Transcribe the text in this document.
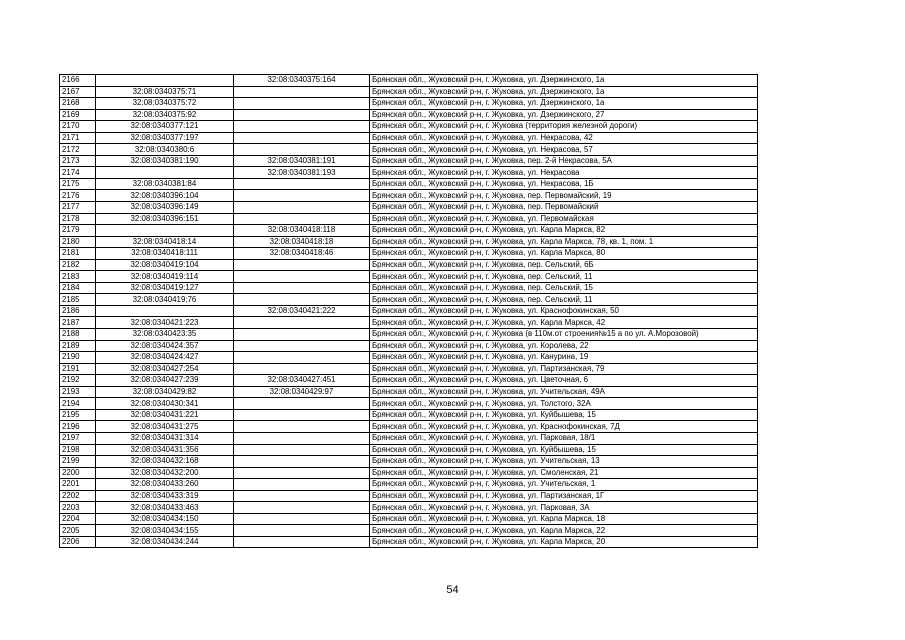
2166		32:08:0340375:164	Брянская обл., Жуковский р-н, г. Жуковка, ул. Дзержинского, 1а
2167	32:08:0340375:71		Брянская обл., Жуковский р-н, г. Жуковка, ул. Дзержинского, 1а
2168	32:08:0340375:72		Брянская обл., Жуковский р-н, г. Жуковка, ул. Дзержинского, 1а
2169	32:08:0340375:92		Брянская обл., Жуковский р-н, г. Жуковка, ул. Дзержинского, 27
2170	32:08:0340377:121		Брянская обл., Жуковский р-н, г. Жуковка (территория железной дороги)
2171	32:08:0340377:197		Брянская обл., Жуковский р-н, г. Жуковка, ул. Некрасова, 42
2172	32:08:0340380:6		Брянская обл., Жуковский р-н, г. Жуковка, ул. Некрасова, 57
2173	32:08:0340381:190	32:08:0340381:191	Брянская обл., Жуковский р-н, г. Жуковка, пер. 2-й Некрасова, 5А
2174		32:08:0340381:193	Брянская обл., Жуковский р-н, г. Жуковка, ул. Некрасова
2175	32:08:0340381:84		Брянская обл., Жуковский р-н, г. Жуковка, ул. Некрасова, 1Б
2176	32:08:0340396:104		Брянская обл., Жуковский р-н, г. Жуковка, пер. Первомайский, 19
2177	32:08:0340396:149		Брянская обл., Жуковский р-н, г. Жуковка, пер. Первомайский
2178	32:08:0340396:151		Брянская обл., Жуковский р-н, г. Жуковка, ул. Первомайская
2179		32:08:0340418:118	Брянская обл., Жуковский р-н, г. Жуковка, ул. Карла Маркса, 82
2180	32:08:0340418:14	32:08:0340418:18	Брянская обл., Жуковский р-н, г. Жуковка, ул. Карла Маркса, 78, кв. 1, пом. 1
2181	32:08:0340418:111	32:08:0340418:46	Брянская обл., Жуковский р-н, г. Жуковка, ул. Карла Маркса, 80
2182	32:08:0340419:104		Брянская обл., Жуковский р-н, г. Жуковка, пер. Сельский, 6Б
2183	32:08:0340419:114		Брянская обл., Жуковский р-н, г. Жуковка, пер. Сельский, 11
2184	32:08:0340419:127		Брянская обл., Жуковский р-н, г. Жуковка, пер. Сельский, 15
2185	32:08:0340419:76		Брянская обл., Жуковский р-н, г. Жуковка, пер. Сельский, 11
2186		32:08:0340421:222	Брянская обл., Жуковский р-н, г. Жуковка, ул. Краснофокинская, 50
2187	32:08:0340421:223		Брянская обл., Жуковский р-н, г. Жуковка, ул. Карла Маркса, 42
2188	32:08:0340423:35		Брянская обл., Жуковский р-н, г. Жуковка (в 110м.от строения№15 а по ул. А.Морозовой)
2189	32:08:0340424:357		Брянская обл., Жуковский р-н, г. Жуковка, ул. Королева, 22
2190	32:08:0340424:427		Брянская обл., Жуковский р-н, г. Жуковка, ул. Канурина, 19
2191	32:08:0340427:254		Брянская обл., Жуковский р-н, г. Жуковка, ул. Партизанская, 79
2192	32:08:0340427:239	32:08:0340427:451	Брянская обл., Жуковский р-н, г. Жуковка, ул. Цветочная, 6
2193	32:08:0340429:82	32:08:0340429:97	Брянская обл., Жуковский р-н, г. Жуковка, ул. Учительская, 49А
2194	32:08:0340430:341		Брянская обл., Жуковский р-н, г. Жуковка, ул. Толстого, 32А
2195	32:08:0340431:221		Брянская обл., Жуковский р-н, г. Жуковка, ул. Куйбышева, 15
2196	32:08:0340431:275		Брянская обл., Жуковский р-н, г. Жуковка, ул. Краснофокинская, 7Д
2197	32:08:0340431:314		Брянская обл., Жуковский р-н, г. Жуковка, ул. Парковая, 18/1
2198	32:08:0340431:356		Брянская обл., Жуковский р-н, г. Жуковка, ул. Куйбышева, 15
2199	32:08:0340432:168		Брянская обл., Жуковский р-н, г. Жуковка, ул. Учительская, 13
2200	32:08:0340432:200		Брянская обл., Жуковский р-н, г. Жуковка, ул. Смоленская, 21
2201	32:08:0340433:260		Брянская обл., Жуковский р-н, г. Жуковка, ул. Учительская, 1
2202	32:08:0340433:319		Брянская обл., Жуковский р-н, г. Жуковка, ул. Партизанская, 1Г
2203	32:08:0340433:463		Брянская обл., Жуковский р-н, г. Жуковка, ул. Парковая, 3А
2204	32:08:0340434:150		Брянская обл., Жуковский р-н, г. Жуковка, ул. Карла Маркса, 18
2205	32:08:0340434:155		Брянская обл., Жуковский р-н, г. Жуковка, ул. Карла Маркса, 22
2206	32:08:0340434:244		Брянская обл., Жуковский р-н, г. Жуковка, ул. Карла Маркса, 20
54
